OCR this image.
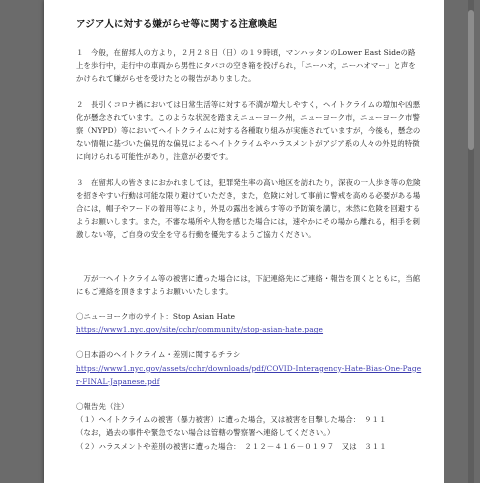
アジア人に対する嫌がらせ等に関する注意喚起
１　今般，在留邦人の方より，２月２８日（日）の１９時頃，マンハッタンのLower East Sideの路上を歩行中，走行中の車両から男性にタバコの空き箱を投げられ，「ニーハオ，ニーハオマー」と声をかけられて嫌がらせを受けたとの報告がありました。
２　長引くコロナ禍においては日常生活等に対する不満が増大しやすく，ヘイトクライムの増加や凶悪化が懸念されています。このような状況を踏まえニューヨーク州，ニューヨーク市，ニューヨーク市警察（NYPD）等においてヘイトクライムに対する各種取り組みが実施されていますが，今後も，懸念のない情報に基づいた偏見的な偏見によるヘイトクライムやハラスメントがアジア系の人々の外見的特徴に向けられる可能性があり，注意が必要です。
３　在留邦人の皆さまにおかれましては，犯罪発生率の高い地区を訪れたり，深夜の一人歩き等の危険を招きやすい行動は可能な限り避けていただき，また，危険に対して事前に警戒を高める必要がある場合には，帽子やフードの着用等により，外見の露出を減らす等の予防策を講じ，未然に危険を回避するようお願いします。また，不審な場所や人物を感じた場合には，速やかにその場から離れる，相手を刺激しない等，ご自身の安全を守る行動を優先するようご協力ください。
　万が一ヘイトクライム等の被害に遭った場合には，下記連絡先にご連絡・報告を頂くとともに，当館にもご連絡を頂きますようお願いいたします。
〇ニューヨーク市のサイト：Stop Asian Hate
https://www1.nyc.gov/site/cchr/community/stop-asian-hate.page
〇日本語のヘイトクライム・差別に関するチラシ
https://www1.nyc.gov/assets/cchr/downloads/pdf/COVID-Interagency-Hate-Bias-One-Pager-FINAL-Japanese.pdf
〇報告先（注）
（１）ヘイトクライムの被害（暴力被害）に遭った場合，又は被害を目撃した場合：　９１１
（なお，過去の事件や緊急でない場合は管轄の警察署へ連絡してください。）
（２）ハラスメントや差別の被害に遭った場合：　２１２－４１６－０１９７　又は　３１１
